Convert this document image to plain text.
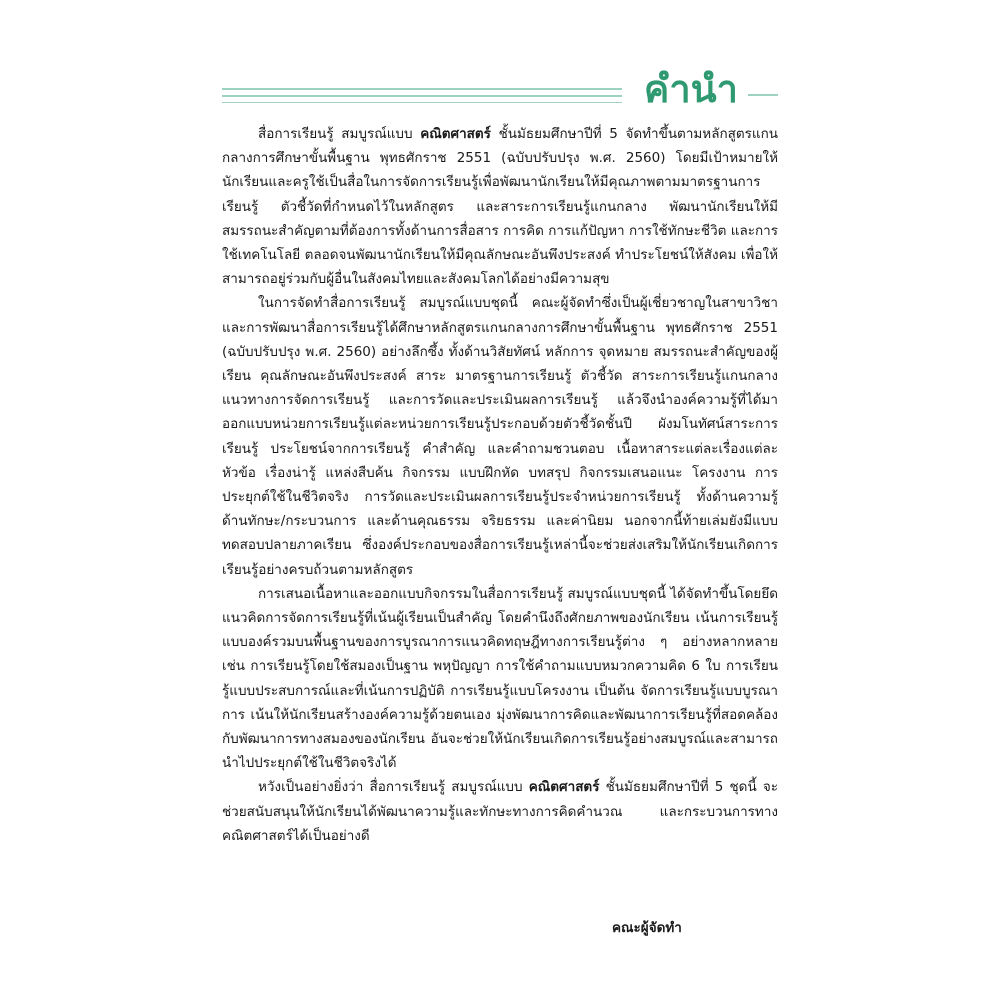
คำนำ

สื่อการเรียนรู้ สมบูรณ์แบบ คณิตศาสตร์ ชั้นมัธยมศึกษาปีที่ 5 จัดทำขึ้นตามหลักสูตรแกนกลางการศึกษาขั้นพื้นฐาน พุทธศักราช 2551 (ฉบับปรับปรุง พ.ศ. 2560) โดยมีเป้าหมายให้นักเรียนและครูใช้เป็นสื่อในการจัดการเรียนรู้เพื่อพัฒนานักเรียนให้มีคุณภาพตามมาตรฐานการเรียนรู้ ตัวชี้วัดที่กำหนดไว้ในหลักสูตร และสาระการเรียนรู้แกนกลาง พัฒนานักเรียนให้มีสมรรถนะสำคัญตามที่ต้องการทั้งด้านการสื่อสาร การคิด การแก้ปัญหา การใช้ทักษะชีวิต และการใช้เทคโนโลยี ตลอดจนพัฒนานักเรียนให้มีคุณลักษณะอันพึงประสงค์ ทำประโยชน์ให้สังคม เพื่อให้สามารถอยู่ร่วมกับผู้อื่นในสังคมไทยและสังคมโลกได้อย่างมีความสุข

ในการจัดทำสื่อการเรียนรู้ สมบูรณ์แบบชุดนี้ คณะผู้จัดทำซึ่งเป็นผู้เชี่ยวชาญในสาขาวิชาและการพัฒนาสื่อการเรียนรู้ได้ศึกษาหลักสูตรแกนกลางการศึกษาขั้นพื้นฐาน พุทธศักราช 2551 (ฉบับปรับปรุง พ.ศ. 2560) อย่างลึกซึ้ง ทั้งด้านวิสัยทัศน์ หลักการ จุดหมาย สมรรถนะสำคัญของผู้เรียน คุณลักษณะอันพึงประสงค์ สาระ มาตรฐานการเรียนรู้ ตัวชี้วัด สาระการเรียนรู้แกนกลาง แนวทางการจัดการเรียนรู้ และการวัดและประเมินผลการเรียนรู้ แล้วจึงนำองค์ความรู้ที่ได้มาออกแบบหน่วยการเรียนรู้แต่ละหน่วยการเรียนรู้ประกอบด้วยตัวชี้วัดชั้นปี ผังมโนทัศน์สาระการเรียนรู้ ประโยชน์จากการเรียนรู้ คำสำคัญ และคำถามชวนตอบ เนื้อหาสาระแต่ละเรื่องแต่ละหัวข้อ เรื่องน่ารู้ แหล่งสืบค้น กิจกรรม แบบฝึกหัด บทสรุป กิจกรรมเสนอแนะ โครงงาน การประยุกต์ใช้ในชีวิตจริง การวัดและประเมินผลการเรียนรู้ประจำหน่วยการเรียนรู้ ทั้งด้านความรู้ ด้านทักษะ/กระบวนการ และด้านคุณธรรม จริยธรรม และค่านิยม นอกจากนี้ท้ายเล่มยังมีแบบทดสอบปลายภาคเรียน ซึ่งองค์ประกอบของสื่อการเรียนรู้เหล่านี้จะช่วยส่งเสริมให้นักเรียนเกิดการเรียนรู้อย่างครบถ้วนตามหลักสูตร

การเสนอเนื้อหาและออกแบบกิจกรรมในสื่อการเรียนรู้ สมบูรณ์แบบชุดนี้ ได้จัดทำขึ้นโดยยึดแนวคิดการจัดการเรียนรู้ที่เน้นผู้เรียนเป็นสำคัญ โดยคำนึงถึงศักยภาพของนักเรียน เน้นการเรียนรู้แบบองค์รวมบนพื้นฐานของการบูรณาการแนวคิดทฤษฎีทางการเรียนรู้ต่าง ๆ อย่างหลากหลาย เช่น การเรียนรู้โดยใช้สมองเป็นฐาน พหุปัญญา การใช้คำถามแบบหมวกความคิด 6 ใบ การเรียนรู้แบบประสบการณ์และที่เน้นการปฏิบัติ การเรียนรู้แบบโครงงาน เป็นต้น จัดการเรียนรู้แบบบูรณาการ เน้นให้นักเรียนสร้างองค์ความรู้ด้วยตนเอง มุ่งพัฒนาการคิดและพัฒนาการเรียนรู้ที่สอดคล้องกับพัฒนาการทางสมองของนักเรียน อันจะช่วยให้นักเรียนเกิดการเรียนรู้อย่างสมบูรณ์และสามารถนำไปประยุกต์ใช้ในชีวิตจริงได้

หวังเป็นอย่างยิ่งว่า สื่อการเรียนรู้ สมบูรณ์แบบ คณิตศาสตร์ ชั้นมัธยมศึกษาปีที่ 5 ชุดนี้ จะช่วยสนับสนุนให้นักเรียนได้พัฒนาความรู้และทักษะทางการคิดคำนวณ และกระบวนการทางคณิตศาสตร์ได้เป็นอย่างดี

คณะผู้จัดทำ
